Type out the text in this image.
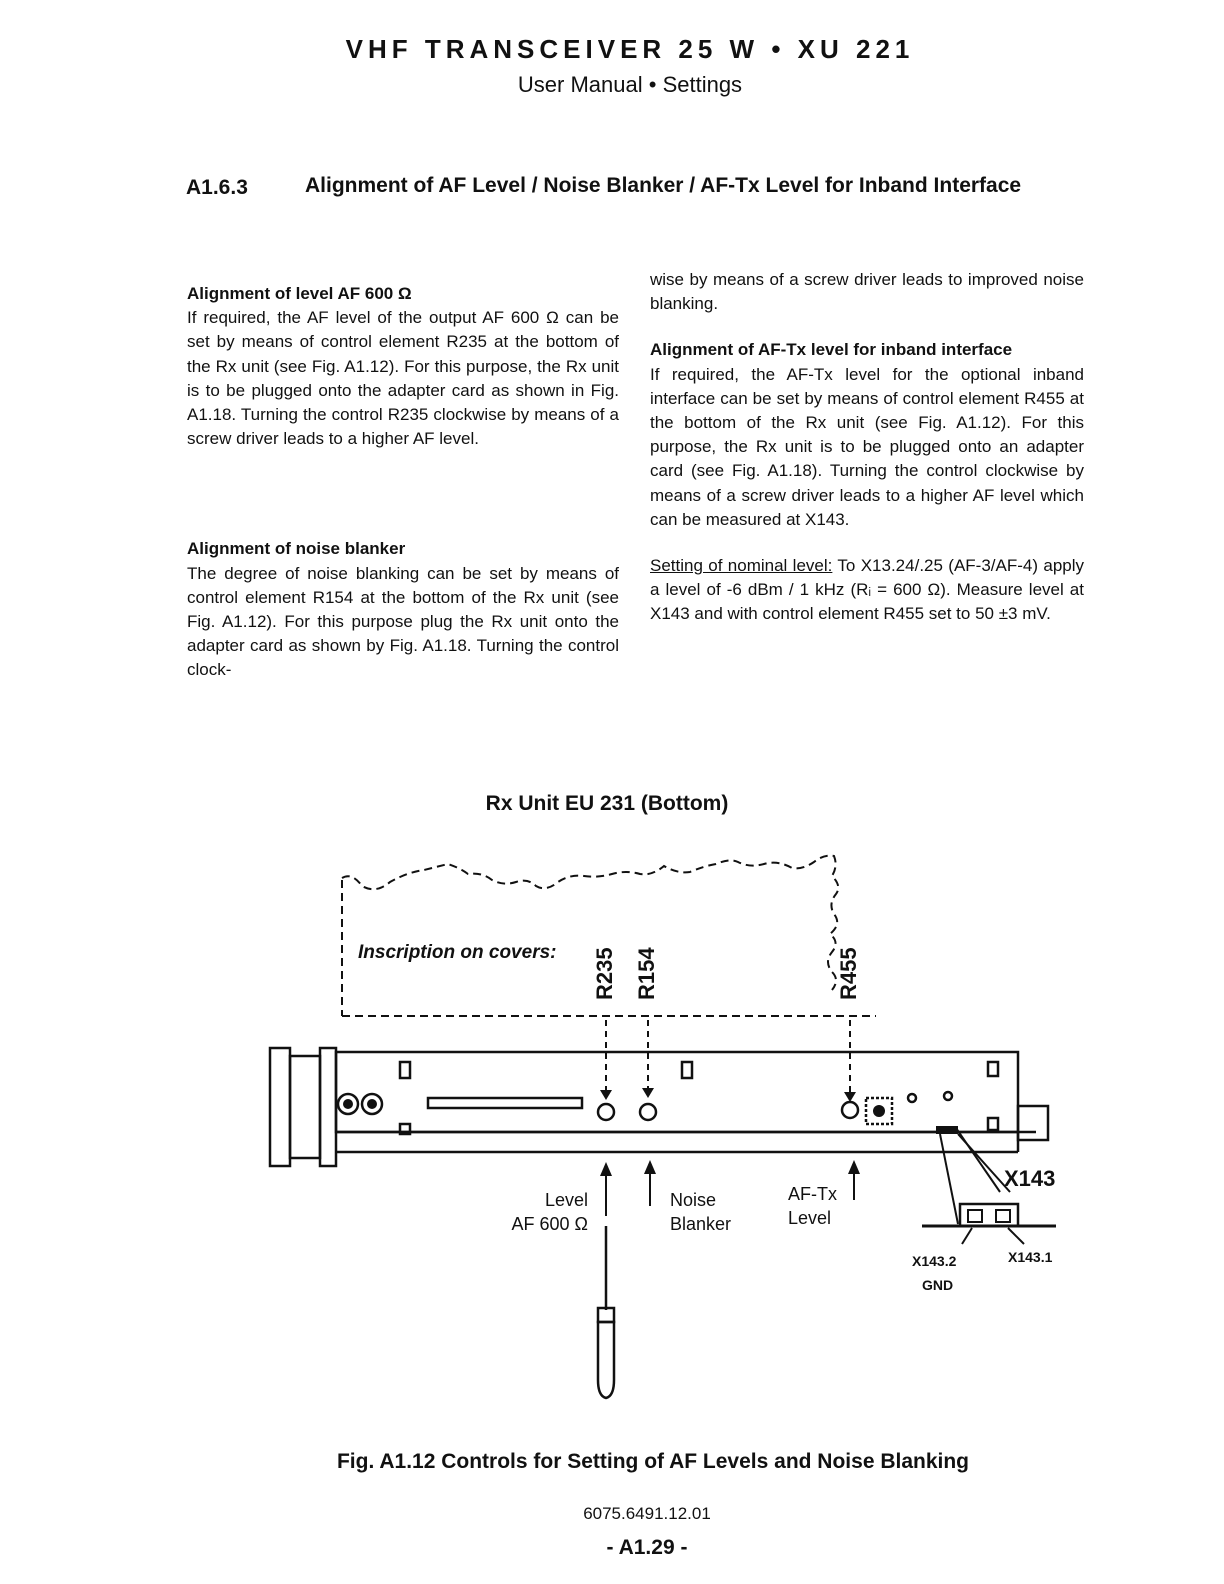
VHF TRANSCEIVER 25 W • XU 221
User Manual • Settings
A1.6.3	Alignment of AF Level / Noise Blanker / AF-Tx Level for Inband Interface
Alignment of level AF 600 Ω

If required, the AF level of the output AF 600 Ω can be set by means of control element R235 at the bottom of the Rx unit (see Fig. A1.12). For this purpose, the Rx unit is to be plugged onto the adapter card as shown in Fig. A1.18. Turning the control R235 clockwise by means of a screw driver leads to a higher AF level.

Alignment of noise blanker

The degree of noise blanking can be set by means of control element R154 at the bottom of the Rx unit (see Fig. A1.12). For this purpose plug the Rx unit onto the adapter card as shown by Fig. A1.18. Turning the control clock-

wise by means of a screw driver leads to improved noise blanking.

Alignment of AF-Tx level for inband interface

If required, the AF-Tx level for the optional inband interface can be set by means of control element R455 at the bottom of the Rx unit (see Fig. A1.12). For this purpose, the Rx unit is to be plugged onto an adapter card (see Fig. A1.18). Turning the control clockwise by means of a screw driver leads to a higher AF level which can be measured at X143.

Setting of nominal level: To X13.24/.25 (AF-3/AF-4) apply a level of -6 dBm / 1 kHz (Rᵢ = 600 Ω). Measure level at X143 and with control element R455 set to 50 ±3 mV.

Rx Unit EU 231 (Bottom)
Inscription on covers: R235 R154	R455
Level
AF 600 Ω
Noise
Blanker
AF-Tx
Level
X143
X143.2	X143.1
GND
Fig. A1.12 Controls for Setting of AF Levels and Noise Blanking
6075.6491.12.01
- A1.29 -
